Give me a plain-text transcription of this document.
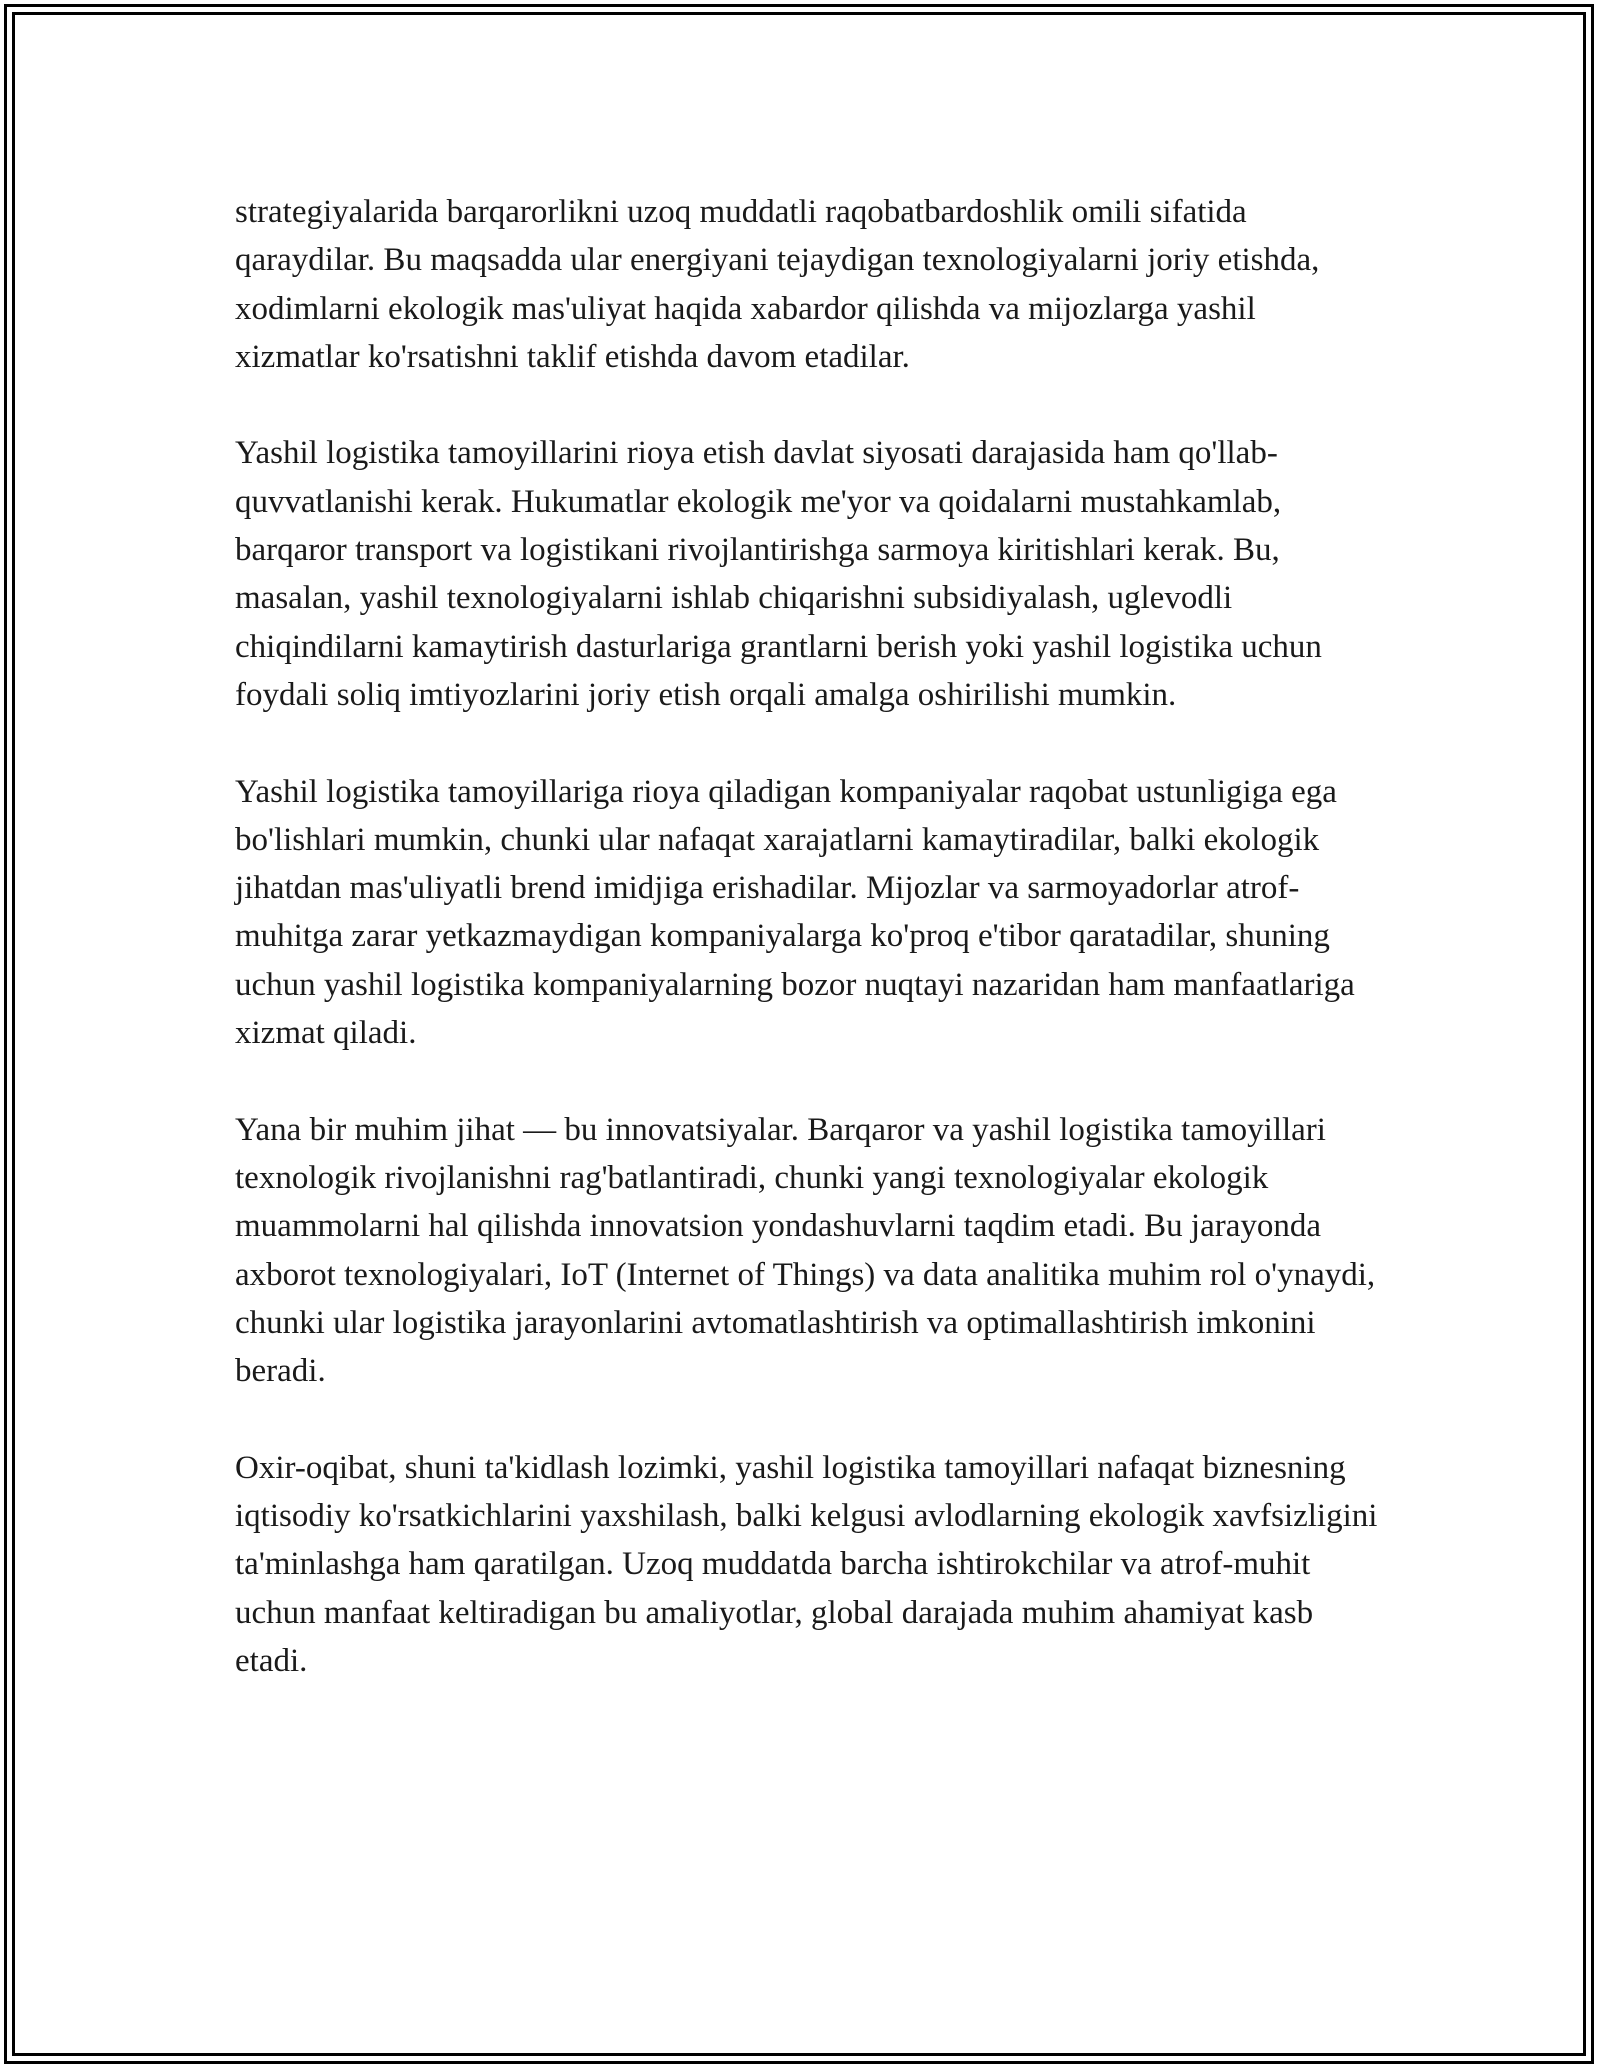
strategiyalarida barqarorlikni uzoq muddatli raqobatbardoshlik omili sifatida qaraydilar. Bu maqsadda ular energiyani tejaydigan texnologiyalarni joriy etishda, xodimlarni ekologik mas'uliyat haqida xabardor qilishda va mijozlarga yashil xizmatlar ko'rsatishni taklif etishda davom etadilar.

Yashil logistika tamoyillarini rioya etish davlat siyosati darajasida ham qo'llab-quvvatlanishi kerak. Hukumatlar ekologik me'yor va qoidalarni mustahkamlab, barqaror transport va logistikani rivojlantirishga sarmoya kiritishlari kerak. Bu, masalan, yashil texnologiyalarni ishlab chiqarishni subsidiyalash, uglevodli chiqindilarni kamaytirish dasturlariga grantlarni berish yoki yashil logistika uchun foydali soliq imtiyozlarini joriy etish orqali amalga oshirilishi mumkin.

Yashil logistika tamoyillariga rioya qiladigan kompaniyalar raqobat ustunligiga ega bo'lishlari mumkin, chunki ular nafaqat xarajatlarni kamaytiradilar, balki ekologik jihatdan mas'uliyatli brend imidjiga erishadilar. Mijozlar va sarmoyadorlar atrof-muhitga zarar yetkazmaydigan kompaniyalarga ko'proq e'tibor qaratadilar, shuning uchun yashil logistika kompaniyalarning bozor nuqtayi nazaridan ham manfaatlariga xizmat qiladi.

Yana bir muhim jihat — bu innovatsiyalar. Barqaror va yashil logistika tamoyillari texnologik rivojlanishni rag'batlantiradi, chunki yangi texnologiyalar ekologik muammolarni hal qilishda innovatsion yondashuvlarni taqdim etadi. Bu jarayonda axborot texnologiyalari, IoT (Internet of Things) va data analitika muhim rol o'ynaydi, chunki ular logistika jarayonlarini avtomatlashtirish va optimallashtirish imkonini beradi.

Oxir-oqibat, shuni ta'kidlash lozimki, yashil logistika tamoyillari nafaqat biznesning iqtisodiy ko'rsatkichlarini yaxshilash, balki kelgusi avlodlarning ekologik xavfsizligini ta'minlashga ham qaratilgan. Uzoq muddatda barcha ishtirokchilar va atrof-muhit uchun manfaat keltiradigan bu amaliyotlar, global darajada muhim ahamiyat kasb etadi.
